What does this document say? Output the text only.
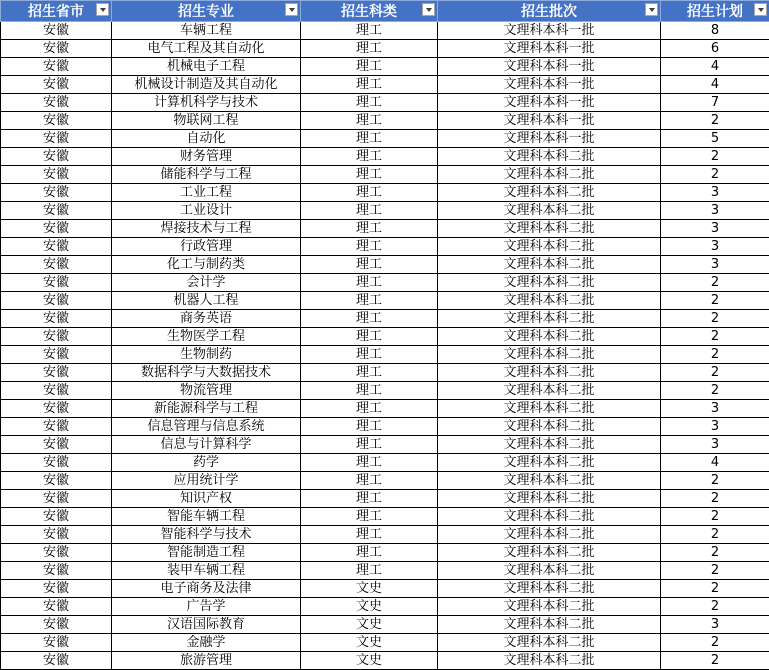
招生省市	招生专业	招生科类	招生批次	招生计划

安徽	车辆工程	理工	文理科本科一批	8
安徽	电气工程及其自动化	理工	文理科本科一批	6
安徽	机械电子工程	理工	文理科本科一批	4
安徽	机械设计制造及其自动化	理工	文理科本科一批	4
安徽	计算机科学与技术	理工	文理科本科一批	7
安徽	物联网工程	理工	文理科本科一批	2
安徽	自动化	理工	文理科本科一批	5
安徽	财务管理	理工	文理科本科二批	2
安徽	储能科学与工程	理工	文理科本科二批	2
安徽	工业工程	理工	文理科本科二批	3
安徽	工业设计	理工	文理科本科二批	3
安徽	焊接技术与工程	理工	文理科本科二批	3
安徽	行政管理	理工	文理科本科二批	3
安徽	化工与制药类	理工	文理科本科二批	3
安徽	会计学	理工	文理科本科二批	2
安徽	机器人工程	理工	文理科本科二批	2
安徽	商务英语	理工	文理科本科二批	2
安徽	生物医学工程	理工	文理科本科二批	2
安徽	生物制药	理工	文理科本科二批	2
安徽	数据科学与大数据技术	理工	文理科本科二批	2
安徽	物流管理	理工	文理科本科二批	2
安徽	新能源科学与工程	理工	文理科本科二批	3
安徽	信息管理与信息系统	理工	文理科本科二批	3
安徽	信息与计算科学	理工	文理科本科二批	3
安徽	药学	理工	文理科本科二批	4
安徽	应用统计学	理工	文理科本科二批	2
安徽	知识产权	理工	文理科本科二批	2
安徽	智能车辆工程	理工	文理科本科二批	2
安徽	智能科学与技术	理工	文理科本科二批	2
安徽	智能制造工程	理工	文理科本科二批	2
安徽	装甲车辆工程	理工	文理科本科二批	2
安徽	电子商务及法律	文史	文理科本科二批	2
安徽	广告学	文史	文理科本科二批	2
安徽	汉语国际教育	文史	文理科本科二批	3
安徽	金融学	文史	文理科本科二批	2
安徽	旅游管理	文史	文理科本科二批	2
